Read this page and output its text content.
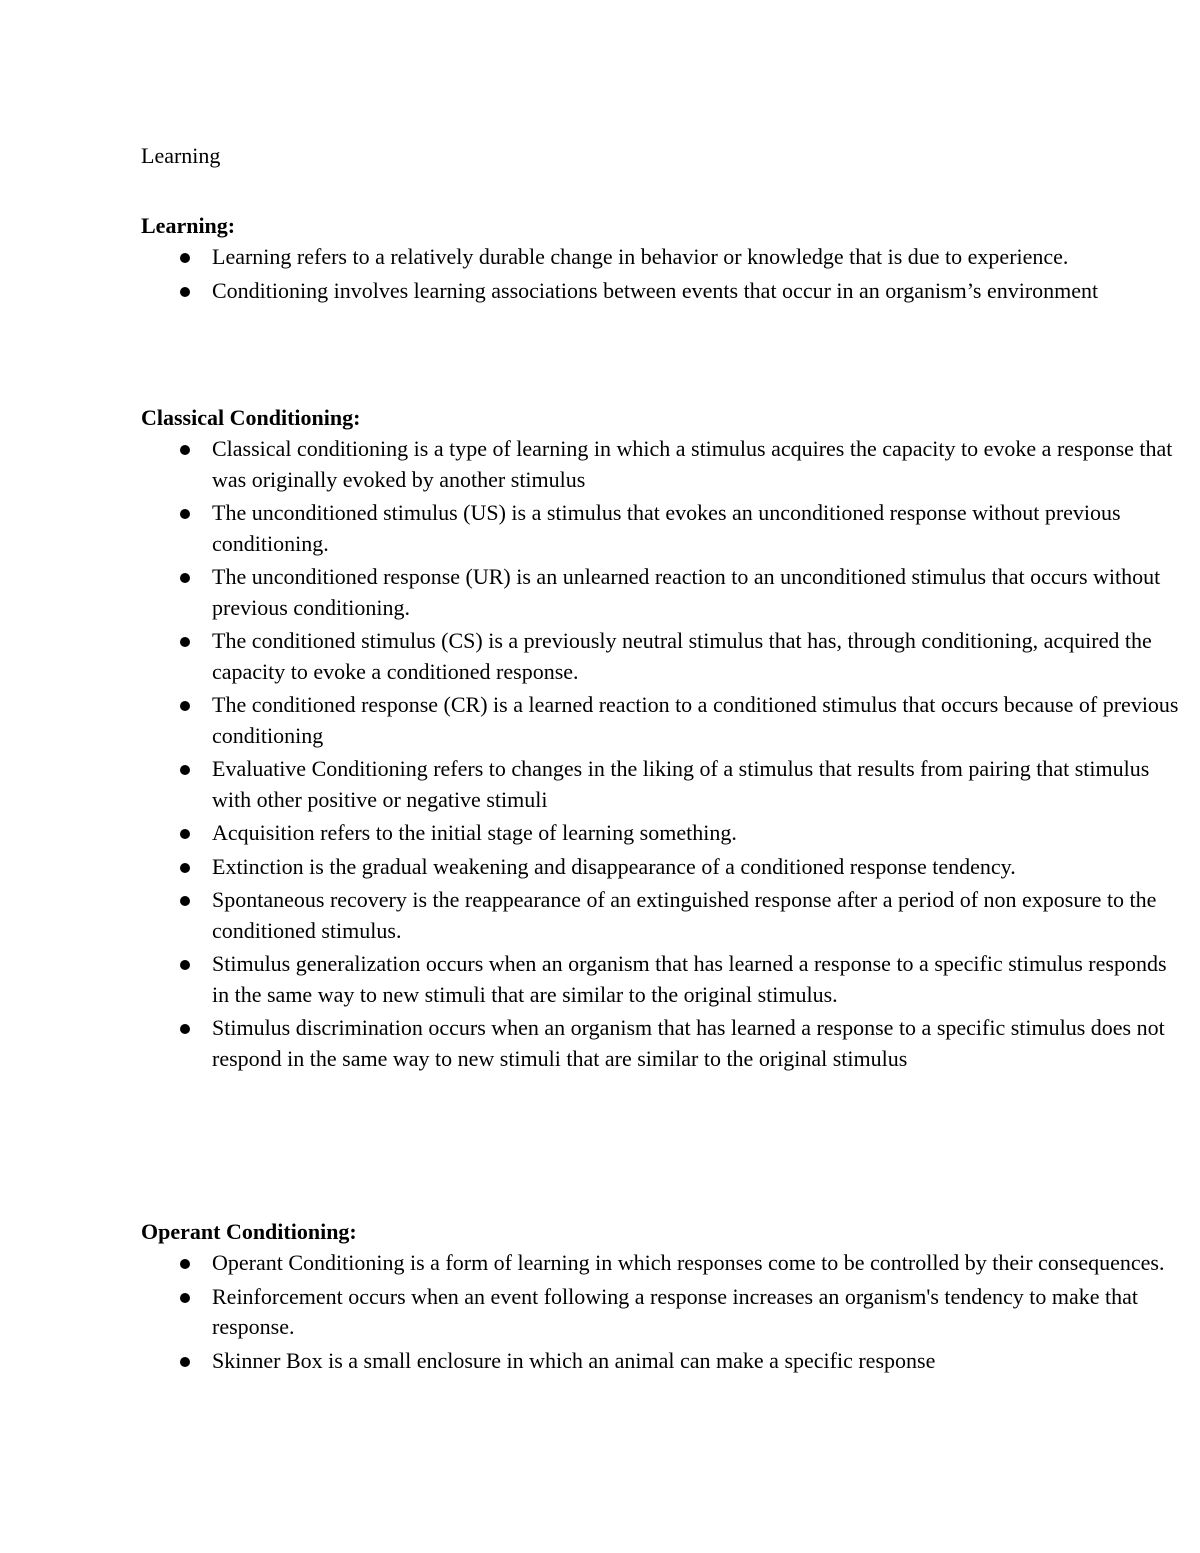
Learning
Learning:
Learning refers to a relatively durable change in behavior or knowledge that is due to experience.
Conditioning involves learning associations between events that occur in an organism’s environment
Classical Conditioning:
Classical conditioning is a type of learning in which a stimulus acquires the capacity to evoke a response that was originally evoked by another stimulus
The unconditioned stimulus (US) is a stimulus that evokes an unconditioned response without previous conditioning.
The unconditioned response (UR) is an unlearned reaction to an unconditioned stimulus that occurs without previous conditioning.
The conditioned stimulus (CS) is a previously neutral stimulus that has, through conditioning, acquired the capacity to evoke a conditioned response.
The conditioned response (CR) is a learned reaction to a conditioned stimulus that occurs because of previous conditioning
Evaluative Conditioning refers to changes in the liking of a stimulus that results from pairing that stimulus with other positive or negative stimuli
Acquisition refers to the initial stage of learning something.
Extinction is the gradual weakening and disappearance of a conditioned response tendency.
Spontaneous recovery is the reappearance of an extinguished response after a period of non exposure to the conditioned stimulus.
Stimulus generalization occurs when an organism that has learned a response to a specific stimulus responds in the same way to new stimuli that are similar to the original stimulus.
Stimulus discrimination occurs when an organism that has learned a response to a specific stimulus does not respond in the same way to new stimuli that are similar to the original stimulus
Operant Conditioning:
Operant Conditioning is a form of learning in which responses come to be controlled by their consequences.
Reinforcement occurs when an event following a response increases an organism's tendency to make that response.
Skinner Box is a small enclosure in which an animal can make a specific response
